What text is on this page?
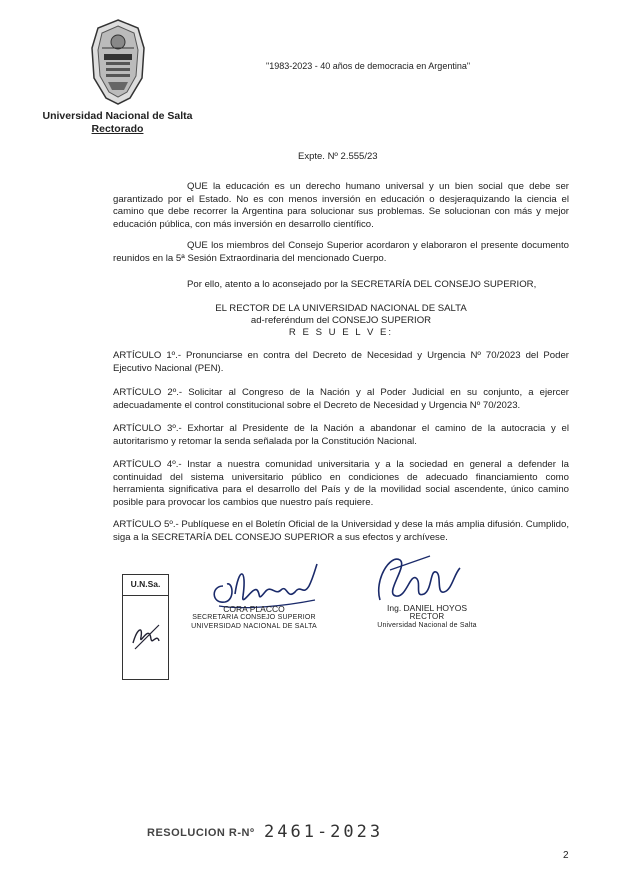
Universidad Nacional de Salta
Rectorado
"1983-2023 - 40 años de democracia en Argentina"
Expte. Nº 2.555/23
QUE la educación es un derecho humano universal y un bien social que debe ser garantizado por el Estado. No es con menos inversión en educación o desjeraquizando la ciencia el camino que debe recorrer la Argentina para solucionar sus problemas. Se solucionan con más y mejor educación pública, con más inversión en desarrollo científico.
QUE los miembros del Consejo Superior acordaron y elaboraron el presente documento reunidos en la 5ª Sesión Extraordinaria del mencionado Cuerpo.
Por ello, atento a lo aconsejado por la SECRETARÍA DEL CONSEJO SUPERIOR,
EL RECTOR DE LA UNIVERSIDAD NACIONAL DE SALTA
ad-referéndum del CONSEJO SUPERIOR
R E S U E L V E:
ARTÍCULO 1º.- Pronunciarse en contra del Decreto de Necesidad y Urgencia Nº 70/2023 del Poder Ejecutivo Nacional (PEN).
ARTÍCULO 2º.- Solicitar al Congreso de la Nación y al Poder Judicial en su conjunto, a ejercer adecuadamente el control constitucional sobre el Decreto de Necesidad y Urgencia Nº 70/2023.
ARTÍCULO 3º.- Exhortar al Presidente de la Nación a abandonar el camino de la autocracia y el autoritarismo y retomar la senda señalada por la Constitución Nacional.
ARTÍCULO 4º.- Instar a nuestra comunidad universitaria y a la sociedad en general a defender la continuidad del sistema universitario público en condiciones de adecuado financiamiento como herramienta significativa para el desarrollo del País y de la movilidad social ascendente, único camino posible para provocar los cambios que nuestro país requiere.
ARTÍCULO 5º.- Publíquese en el Boletín Oficial de la Universidad y dese la más amplia difusión. Cumplido, siga a la SECRETARÍA DEL CONSEJO SUPERIOR a sus efectos y archívese.
U.N.Sa.
CORA PLACCO
SECRETARIA CONSEJO SUPERIOR
UNIVERSIDAD NACIONAL DE SALTA
Ing. DANIEL HOYOS
RECTOR
Universidad Nacional de Salta
RESOLUCION R-Nº 2461-2023
2
